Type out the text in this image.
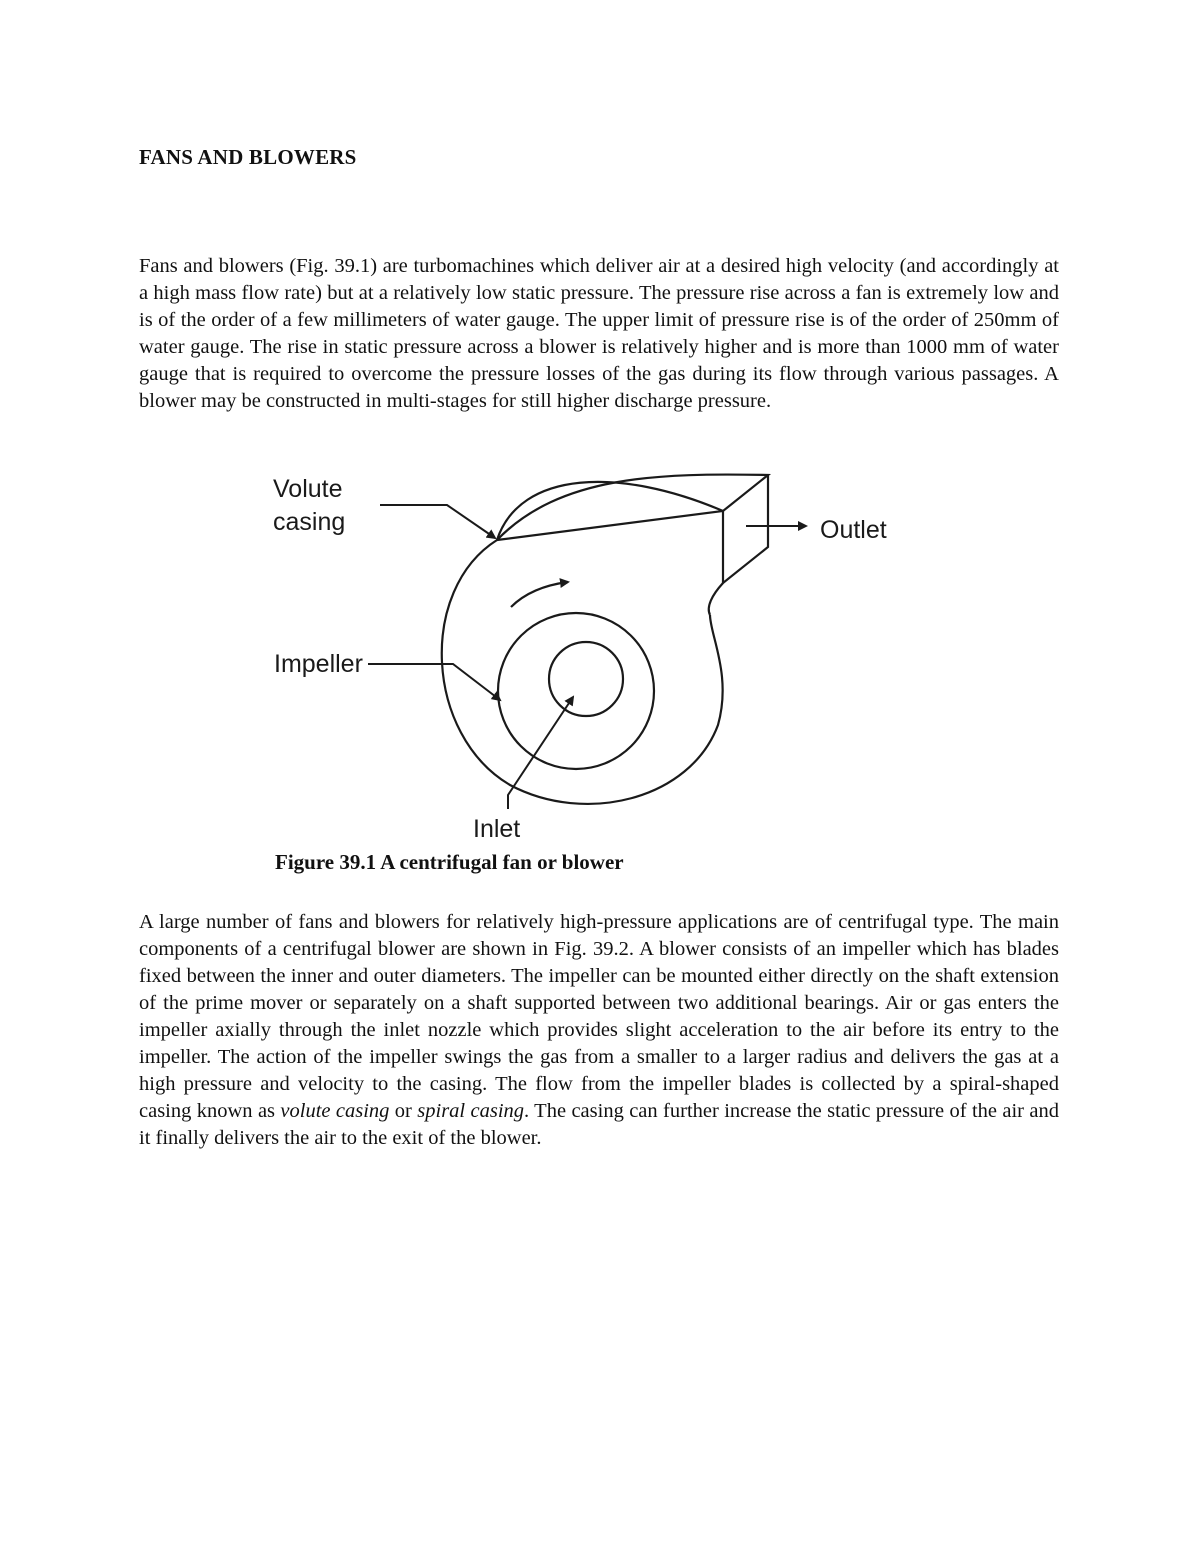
FANS AND BLOWERS

Fans and blowers (Fig. 39.1) are turbomachines which deliver air at a desired high velocity (and accordingly at a high mass flow rate) but at a relatively low static pressure. The pressure rise across a fan is extremely low and is of the order of a few millimeters of water gauge. The upper limit of pressure rise is of the order of 250mm of water gauge. The rise in static pressure across a blower is relatively higher and is more than 1000 mm of water gauge that is required to overcome the pressure losses of the gas during its flow through various passages. A blower may be constructed in multi-stages for still higher discharge pressure.

Volute
casing	Outlet
Impeller
Inlet

Figure 39.1 A centrifugal fan or blower

A large number of fans and blowers for relatively high-pressure applications are of centrifugal type. The main components of a centrifugal blower are shown in Fig. 39.2. A blower consists of an impeller which has blades fixed between the inner and outer diameters. The impeller can be mounted either directly on the shaft extension of the prime mover or separately on a shaft supported between two additional bearings. Air or gas enters the impeller axially through the inlet nozzle which provides slight acceleration to the air before its entry to the impeller. The action of the impeller swings the gas from a smaller to a larger radius and delivers the gas at a high pressure and velocity to the casing. The flow from the impeller blades is collected by a spiral-shaped casing known as volute casing or spiral casing. The casing can further increase the static pressure of the air and it finally delivers the air to the exit of the blower.
